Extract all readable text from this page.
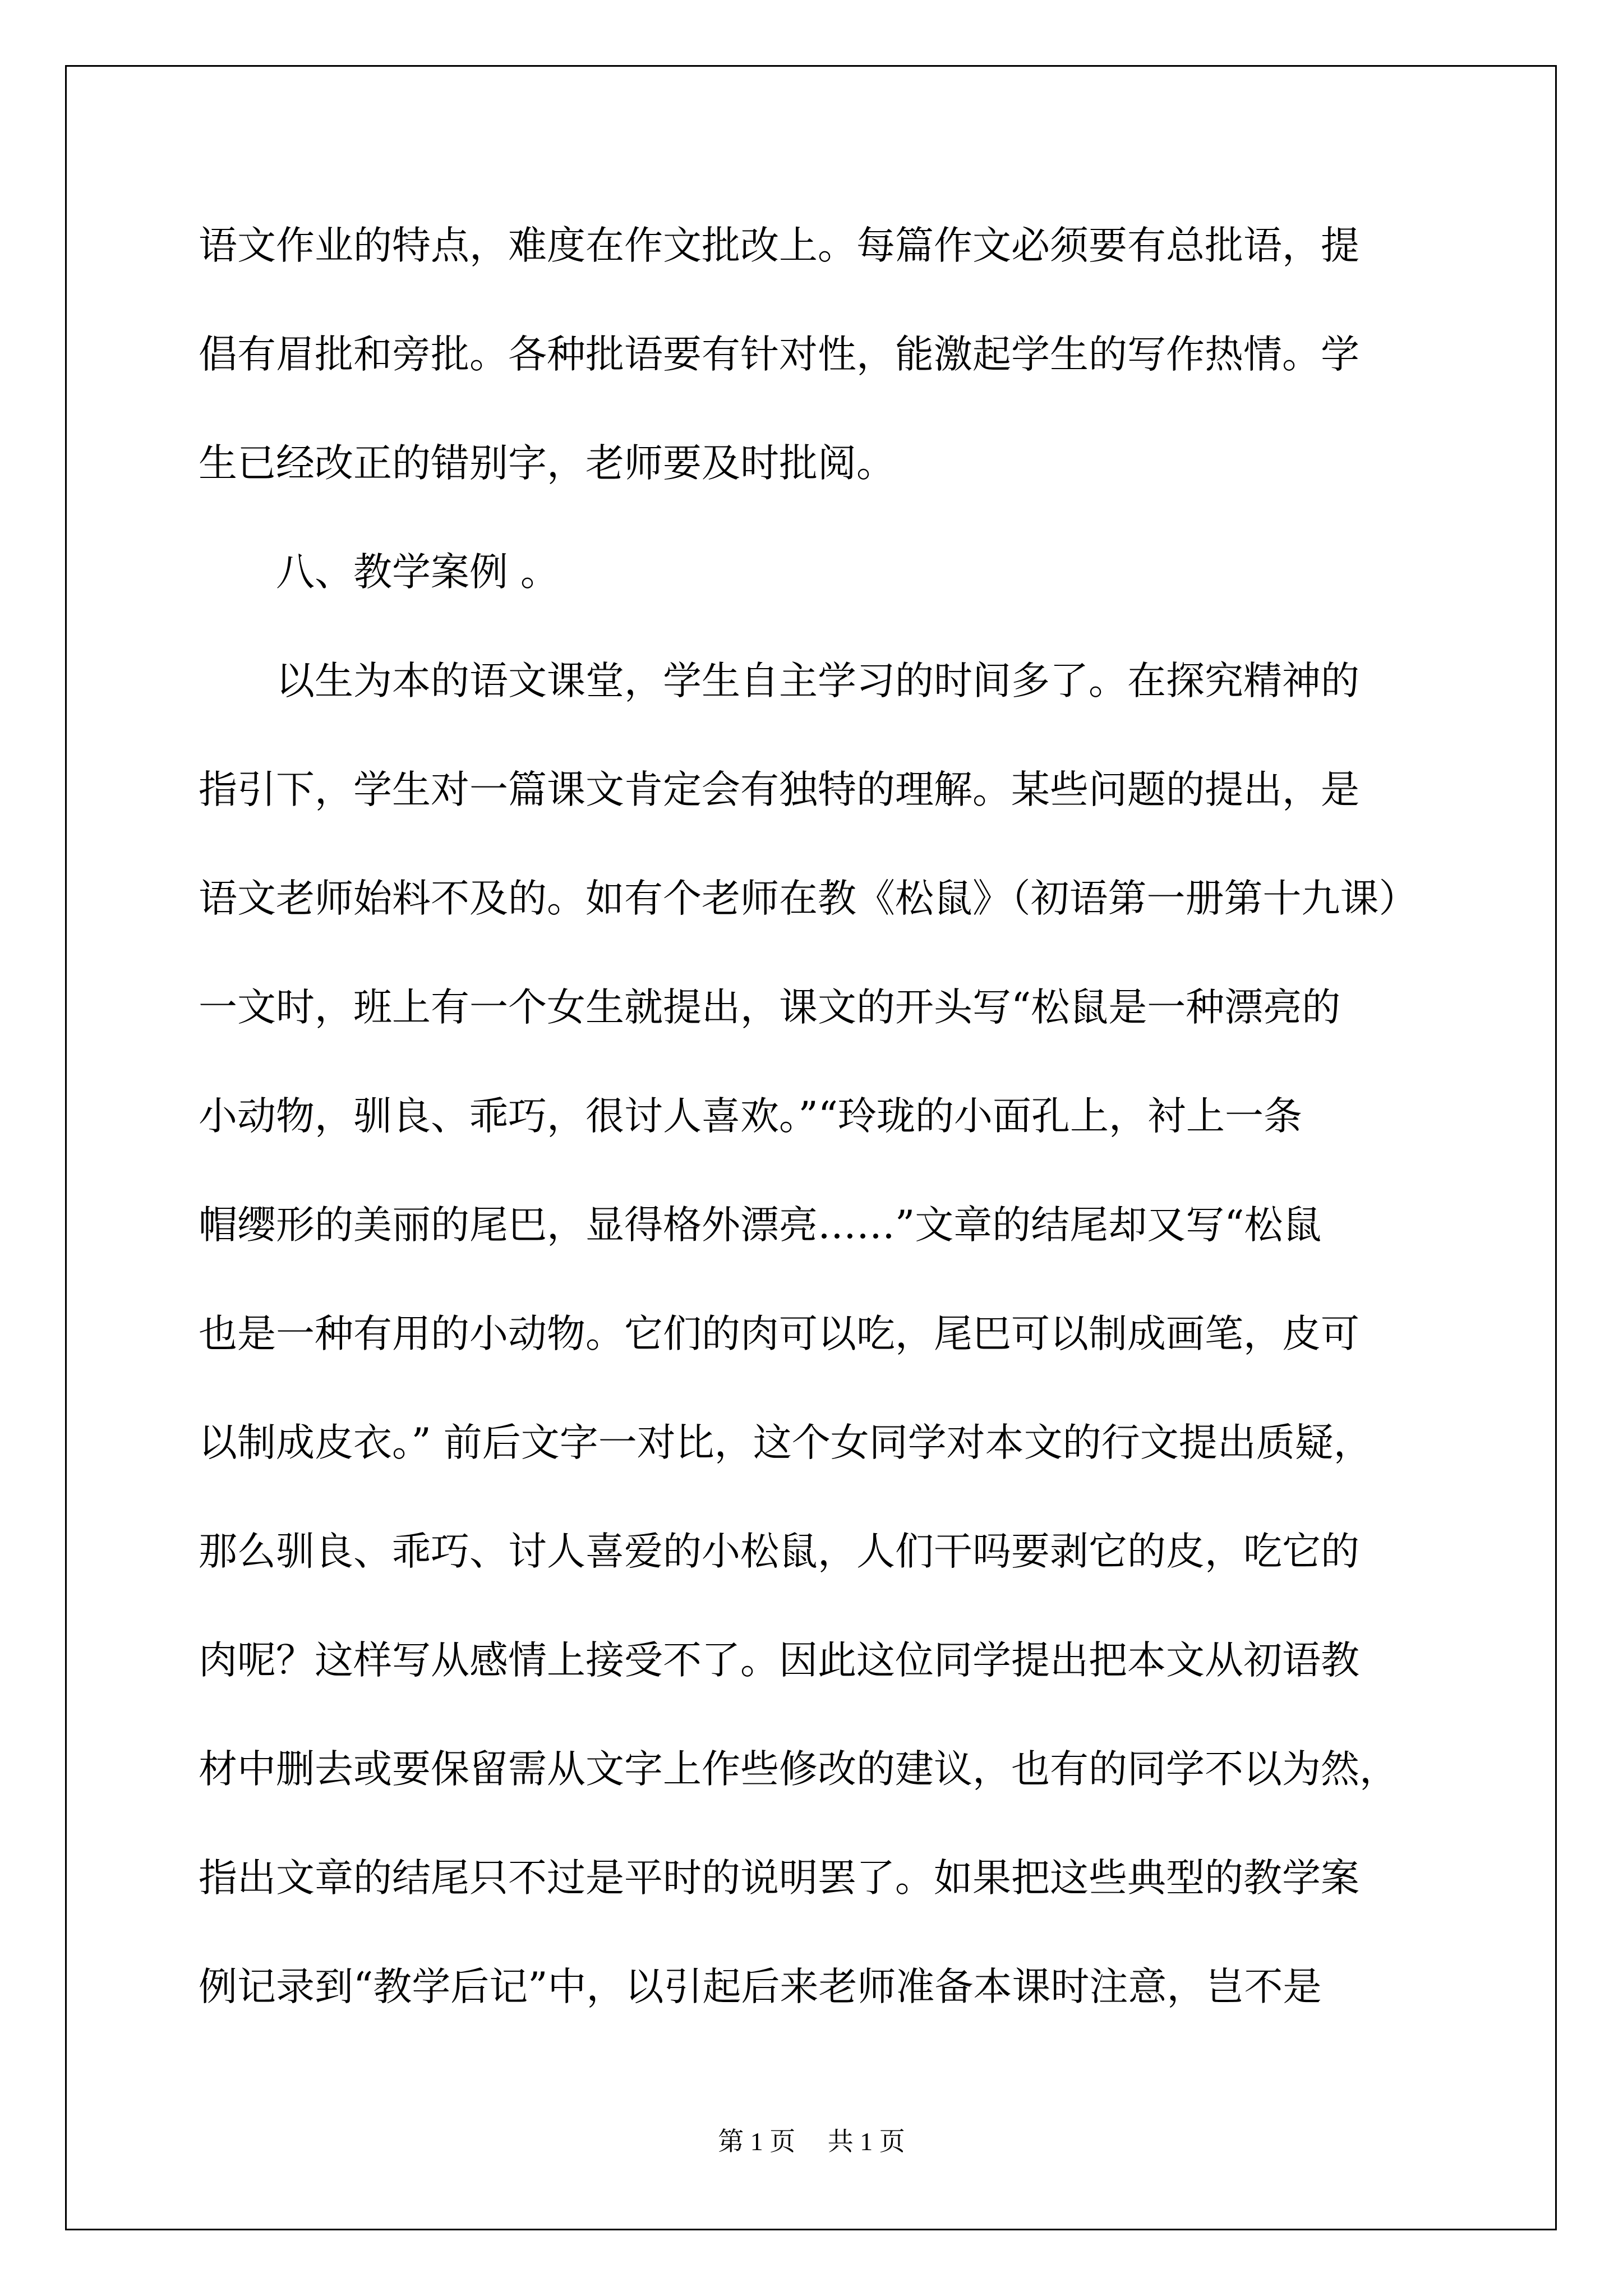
语文作业的特点，难度在作文批改上。每篇作文必须要有总批语，提
倡有眉批和旁批。各种批语要有针对性，能激起学生的写作热情。学
生已经改正的错别字，老师要及时批阅。
　　八、教学案例 。
　　以生为本的语文课堂，学生自主学习的时间多了。在探究精神的
指引下，学生对一篇课文肯定会有独特的理解。某些问题的提出，是
语文老师始料不及的。如有个老师在教《松鼠》（初语第一册第十九课）
一文时，班上有一个女生就提出，课文的开头写“松鼠是一种漂亮的
小动物，驯良、乖巧，很讨人喜欢。”“玲珑的小面孔上，衬上一条
帽缨形的美丽的尾巴，显得格外漂亮……”文章的结尾却又写“松鼠
也是一种有用的小动物。它们的肉可以吃，尾巴可以制成画笔，皮可
以制成皮衣。” 前后文字一对比，这个女同学对本文的行文提出质疑，
那么驯良、乖巧、讨人喜爱的小松鼠，人们干吗要剥它的皮，吃它的
肉呢？这样写从感情上接受不了。因此这位同学提出把本文从初语教
材中删去或要保留需从文字上作些修改的建议，也有的同学不以为然，
指出文章的结尾只不过是平时的说明罢了。如果把这些典型的教学案
例记录到“教学后记”中，以引起后来老师准备本课时注意，岂不是
第 1 页　 共 1 页
